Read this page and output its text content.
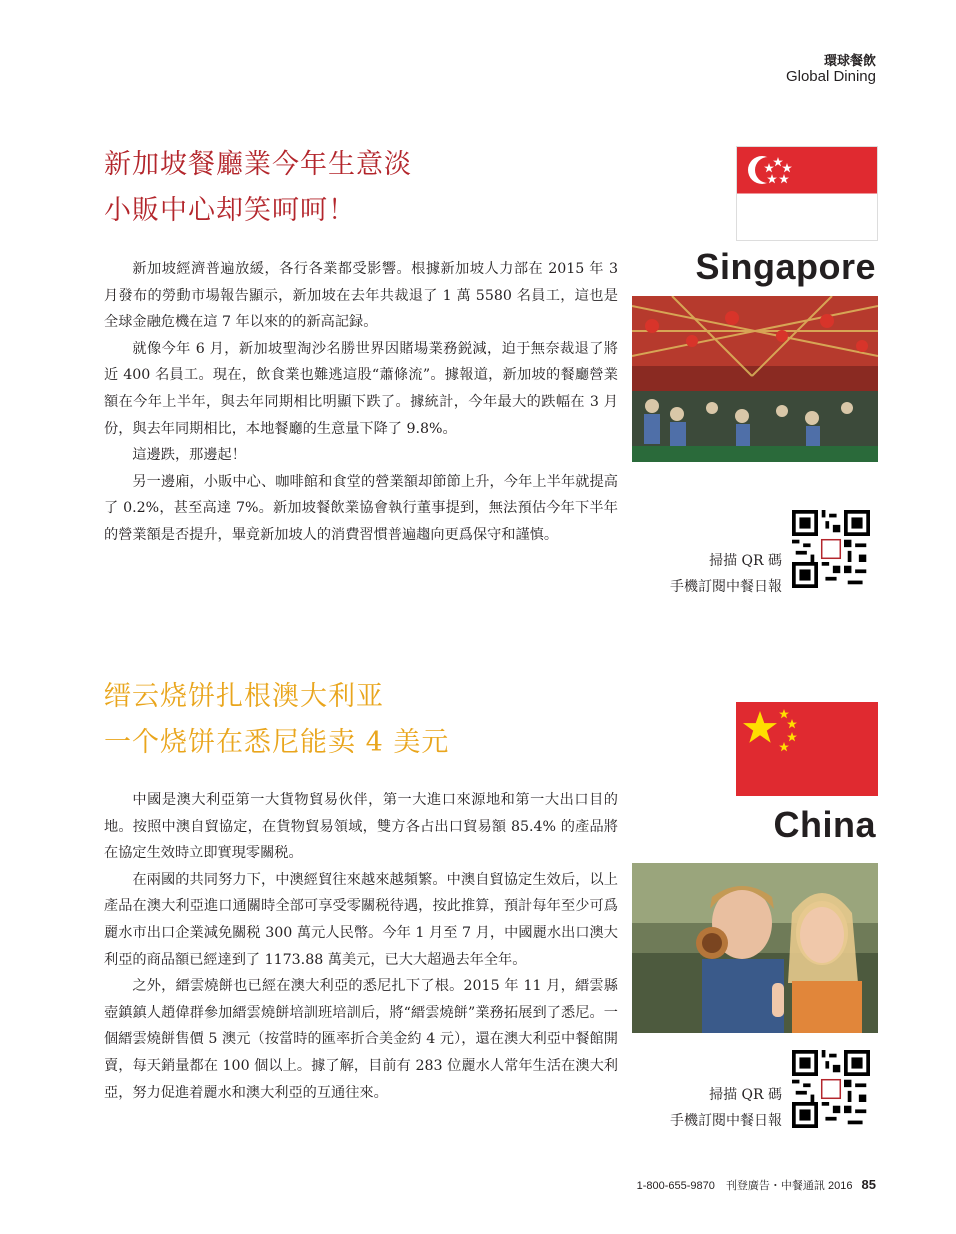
環球餐飲
Global Dining
新加坡餐廳業今年生意淡
小販中心却笑呵呵！

新加坡經濟普遍放緩，各行各業都受影響。根據新加坡人力部在 2015 年 3 月發布的勞動市場報告顯示，新加坡在去年共裁退了 1 萬 5580 名員工，這也是全球金融危機在這 7 年以來的的新高記録。

就像今年 6 月，新加坡聖淘沙名勝世界因賭場業務鋭減，迫于無奈裁退了將近 400 名員工。現在，飲食業也難逃這股“蕭條流”。據報道，新加坡的餐廳營業額在今年上半年，與去年同期相比明顯下跌了。據統計，今年最大的跌幅在 3 月份，與去年同期相比，本地餐廳的生意量下降了 9.8%。

這邊跌，那邊起！

另一邊廂，小販中心、咖啡館和食堂的營業額却節節上升，今年上半年就提高了 0.2%，甚至高達 7%。新加坡餐飲業協會執行董事提到，無法預估今年下半年的營業額是否提升，畢竟新加坡人的消費習慣普遍趨向更爲保守和謹慎。

Singapore
掃描 QR 碼
手機訂閱中餐日報
缙云烧饼扎根澳大利亚
一个烧饼在悉尼能卖 4 美元

中國是澳大利亞第一大貨物貿易伙伴，第一大進口來源地和第一大出口目的地。按照中澳自貿協定，在貨物貿易領域，雙方各占出口貿易額 85.4% 的產品將在協定生效時立即實現零關税。

在兩國的共同努力下，中澳經貿往來越來越頻繁。中澳自貿協定生效后，以上產品在澳大利亞進口通關時全部可享受零關税待遇，按此推算，預計每年至少可爲麗水市出口企業減免關税 300 萬元人民幣。今年 1 月至 7 月，中國麗水出口澳大利亞的商品額已經達到了 1173.88 萬美元，已大大超過去年全年。

之外，縉雲燒餅也已經在澳大利亞的悉尼扎下了根。2015 年 11 月，縉雲縣壺鎮鎮人趙偉群參加縉雲燒餅培訓班培訓后，將“縉雲燒餅”業務拓展到了悉尼。一個縉雲燒餅售價 5 澳元（按當時的匯率折合美金約 4 元），還在澳大利亞中餐館開賣，每天銷量都在 100 個以上。據了解，目前有 283 位麗水人常年生活在澳大利亞，努力促進着麗水和澳大利亞的互通往來。

China
掃描 QR 碼
手機訂閱中餐日報
1-800-655-9870 刊登廣告・中餐通訊 2016 85
